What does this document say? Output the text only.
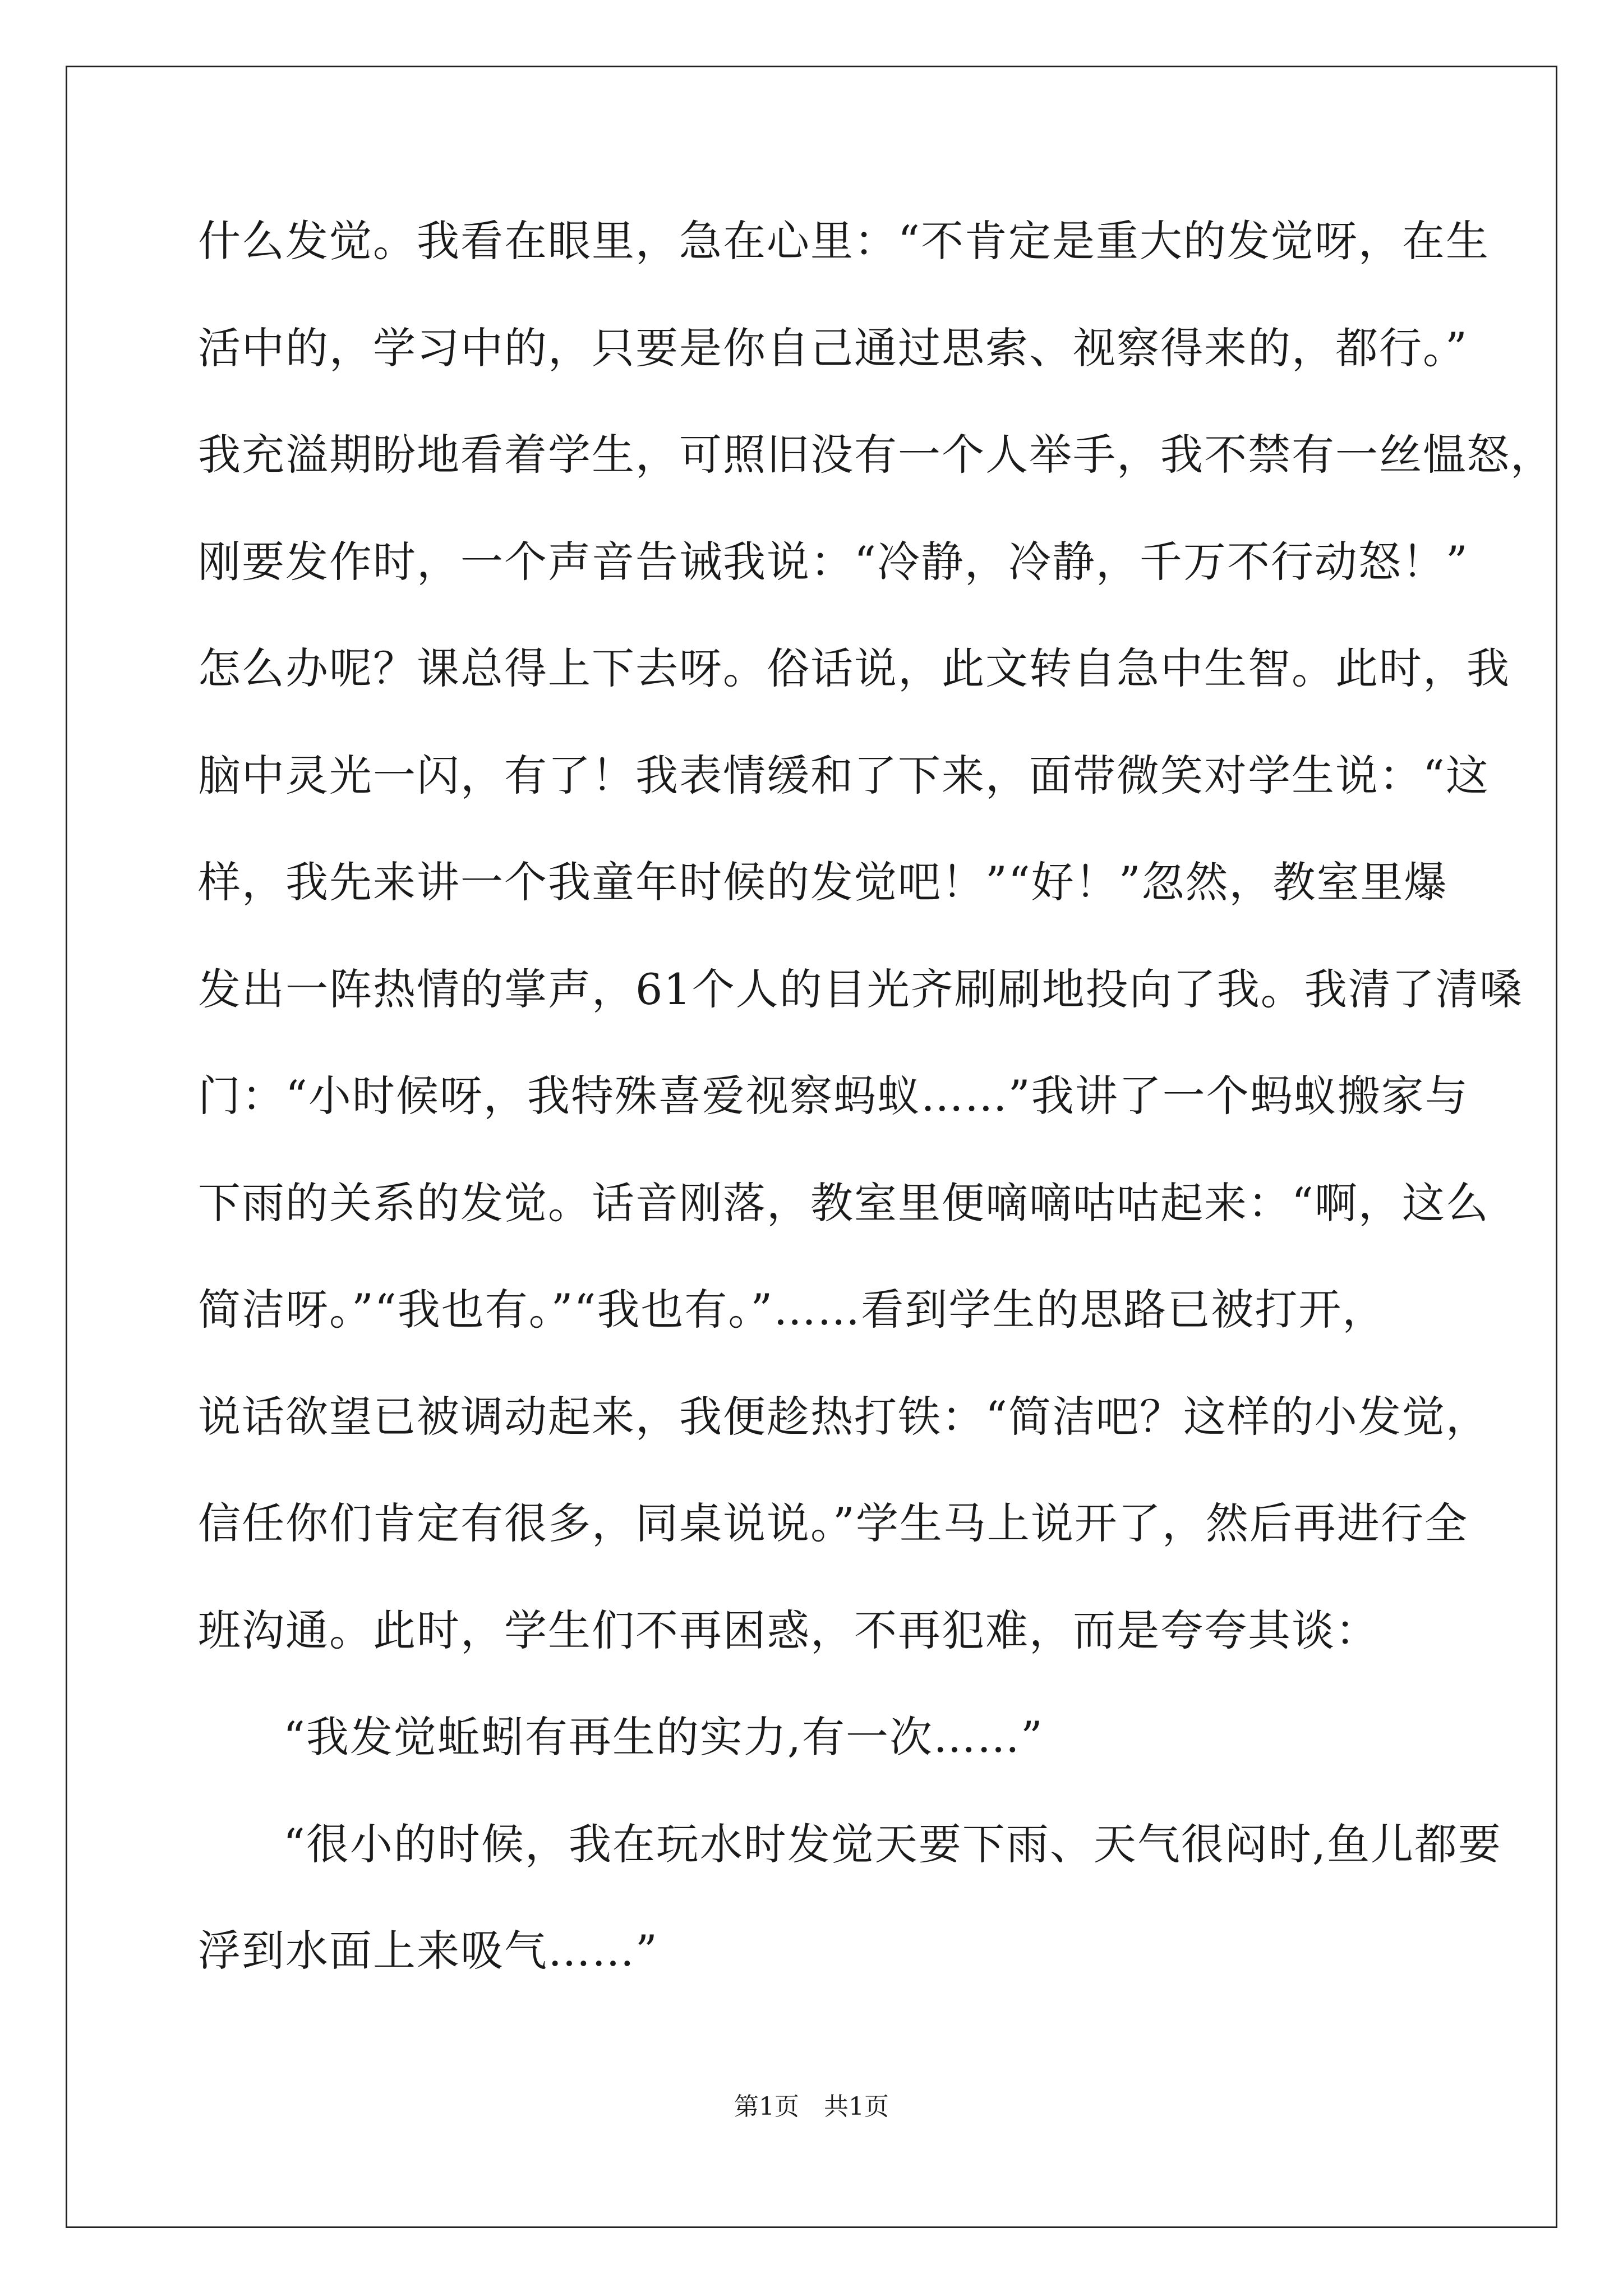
什么发觉。我看在眼里，急在心里：“不肯定是重大的发觉呀，在生
活中的，学习中的，只要是你自己通过思索、视察得来的，都行。”
我充溢期盼地看着学生，可照旧没有一个人举手，我不禁有一丝愠怒，
刚要发作时，一个声音告诫我说：“冷静，冷静，千万不行动怒！”
怎么办呢？课总得上下去呀。俗话说，此文转自急中生智。此时，我
脑中灵光一闪，有了！我表情缓和了下来，面带微笑对学生说：“这
样，我先来讲一个我童年时候的发觉吧！”“好！”忽然，教室里爆
发出一阵热情的掌声，61个人的目光齐刷刷地投向了我。我清了清嗓
门：“小时候呀，我特殊喜爱视察蚂蚁……”我讲了一个蚂蚁搬家与
下雨的关系的发觉。话音刚落，教室里便嘀嘀咕咕起来：“啊，这么
简洁呀。”“我也有。”“我也有。”……看到学生的思路已被打开，
说话欲望已被调动起来，我便趁热打铁：“简洁吧？这样的小发觉，
信任你们肯定有很多，同桌说说。”学生马上说开了，然后再进行全
班沟通。此时，学生们不再困惑，不再犯难，而是夸夸其谈：
“我发觉蚯蚓有再生的实力,有一次……”
“很小的时候，我在玩水时发觉天要下雨、天气很闷时,鱼儿都要
浮到水面上来吸气……”
第1页　共1页
